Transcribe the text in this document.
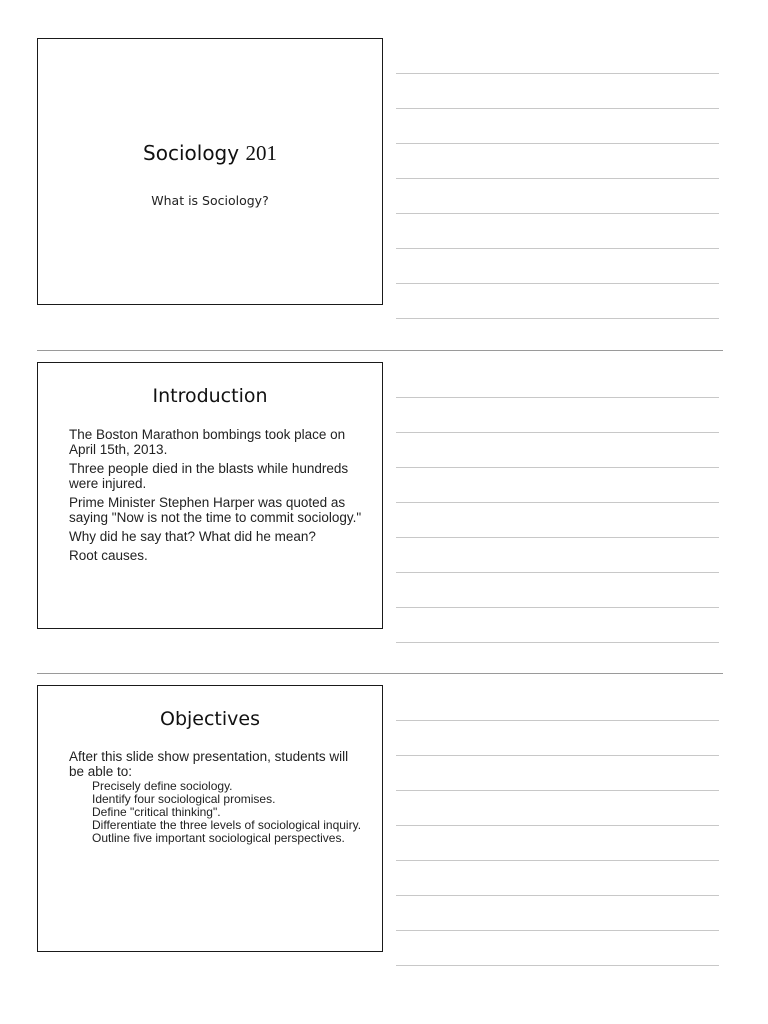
Sociology 201
What is Sociology?
Introduction

The Boston Marathon bombings took place on April 15th, 2013.

Three people died in the blasts while hundreds were injured.

Prime Minister Stephen Harper was quoted as saying "Now is not the time to commit sociology."

Why did he say that? What did he mean?

Root causes.

Objectives

After this slide show presentation, students will be able to:

Precisely define sociology.
Identify four sociological promises.
Define "critical thinking".
Differentiate the three levels of sociological inquiry.
Outline five important sociological perspectives.
